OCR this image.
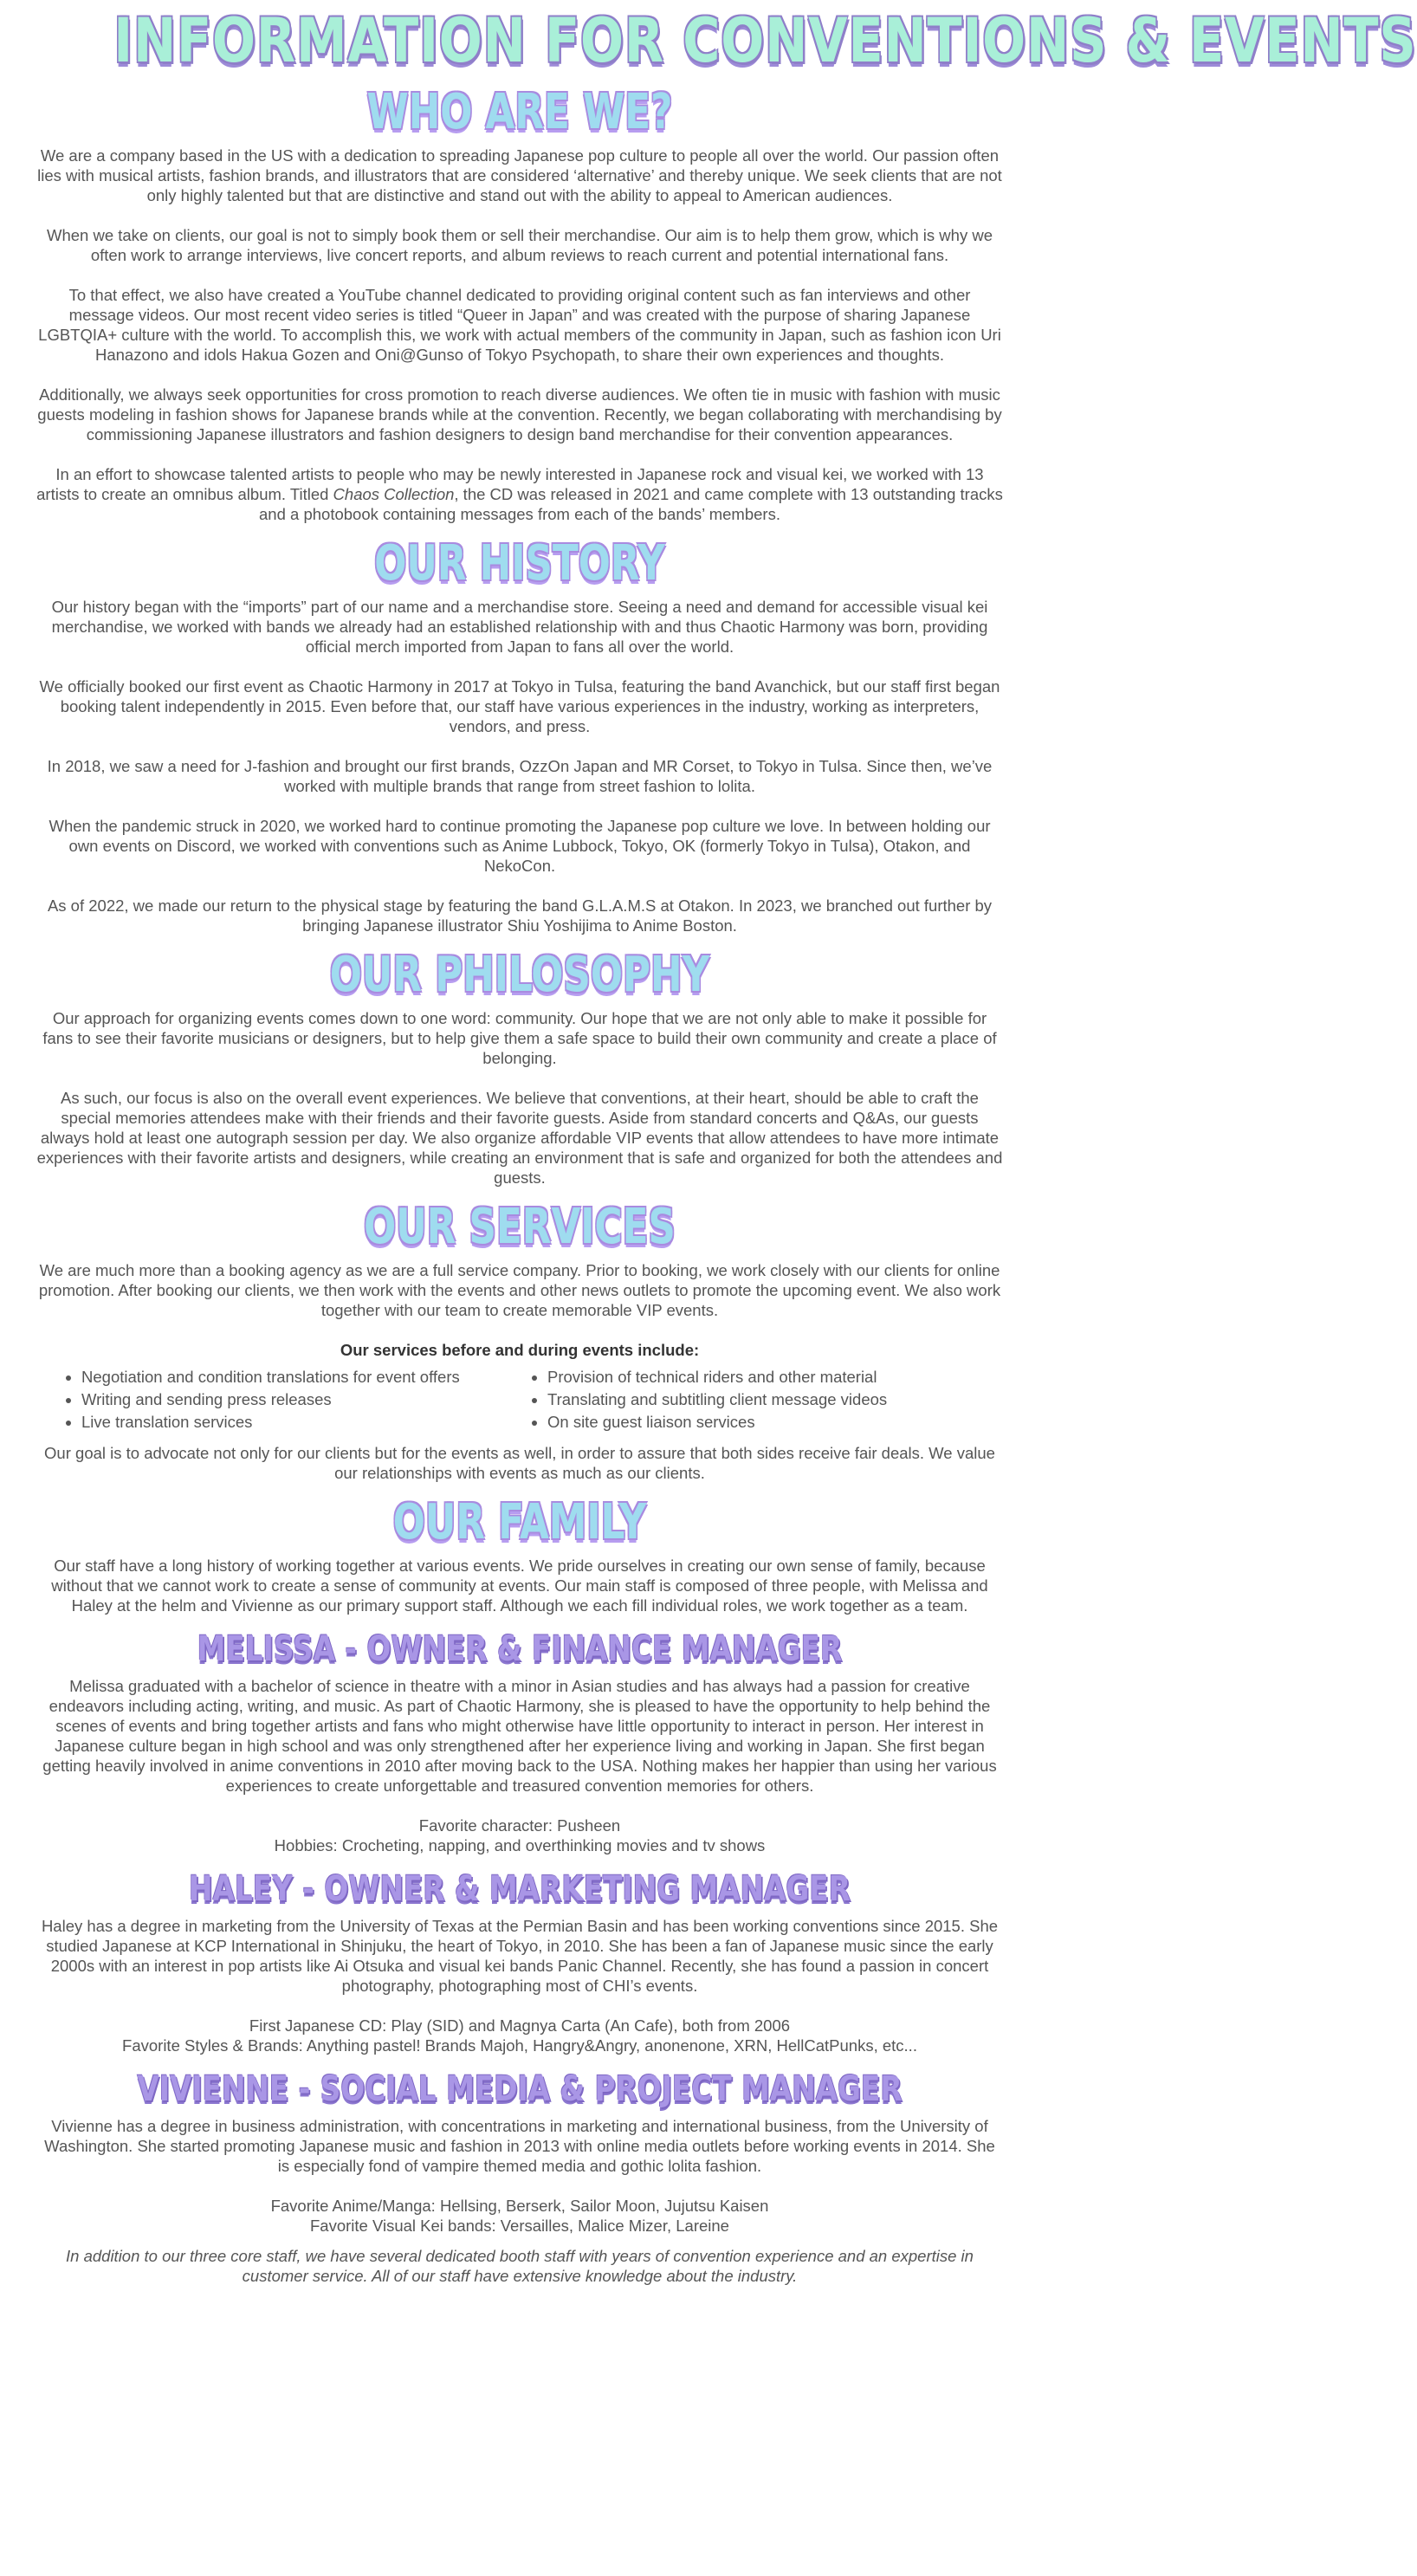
INFORMATION FOR CONVENTIONS & EVENTS
WHO ARE WE?

We are a company based in the US with a dedication to spreading Japanese pop culture to people all over the world. Our passion often lies with musical artists, fashion brands, and illustrators that are considered ‘alternative’ and thereby unique. We seek clients that are not only highly talented but that are distinctive and stand out with the ability to appeal to American audiences.

When we take on clients, our goal is not to simply book them or sell their merchandise. Our aim is to help them grow, which is why we often work to arrange interviews, live concert reports, and album reviews to reach current and potential international fans.

To that effect, we also have created a YouTube channel dedicated to providing original content such as fan interviews and other message videos. Our most recent video series is titled “Queer in Japan” and was created with the purpose of sharing Japanese LGBTQIA+ culture with the world. To accomplish this, we work with actual members of the community in Japan, such as fashion icon Uri Hanazono and idols Hakua Gozen and Oni@Gunso of Tokyo Psychopath, to share their own experiences and thoughts.

Additionally, we always seek opportunities for cross promotion to reach diverse audiences. We often tie in music with fashion with music guests modeling in fashion shows for Japanese brands while at the convention. Recently, we began collaborating with merchandising by commissioning Japanese illustrators and fashion designers to design band merchandise for their convention appearances.

In an effort to showcase talented artists to people who may be newly interested in Japanese rock and visual kei, we worked with 13 artists to create an omnibus album. Titled Chaos Collection, the CD was released in 2021 and came complete with 13 outstanding tracks and a photobook containing messages from each of the bands’ members.

OUR HISTORY

Our history began with the “imports” part of our name and a merchandise store. Seeing a need and demand for accessible visual kei merchandise, we worked with bands we already had an established relationship with and thus Chaotic Harmony was born, providing official merch imported from Japan to fans all over the world.

We officially booked our first event as Chaotic Harmony in 2017 at Tokyo in Tulsa, featuring the band Avanchick, but our staff first began booking talent independently in 2015. Even before that, our staff have various experiences in the industry, working as interpreters, vendors, and press.

In 2018, we saw a need for J-fashion and brought our first brands, OzzOn Japan and MR Corset, to Tokyo in Tulsa. Since then, we’ve worked with multiple brands that range from street fashion to lolita.

When the pandemic struck in 2020, we worked hard to continue promoting the Japanese pop culture we love. In between holding our own events on Discord, we worked with conventions such as Anime Lubbock, Tokyo, OK (formerly Tokyo in Tulsa), Otakon, and NekoCon.

As of 2022, we made our return to the physical stage by featuring the band G.L.A.M.S at Otakon. In 2023, we branched out further by bringing Japanese illustrator Shiu Yoshijima to Anime Boston.

OUR PHILOSOPHY

Our approach for organizing events comes down to one word: community. Our hope that we are not only able to make it possible for fans to see their favorite musicians or designers, but to help give them a safe space to build their own community and create a place of belonging.

As such, our focus is also on the overall event experiences. We believe that conventions, at their heart, should be able to craft the special memories attendees make with their friends and their favorite guests. Aside from standard concerts and Q&As, our guests always hold at least one autograph session per day. We also organize affordable VIP events that allow attendees to have more intimate experiences with their favorite artists and designers, while creating an environment that is safe and organized for both the attendees and guests.

OUR SERVICES

We are much more than a booking agency as we are a full service company. Prior to booking, we work closely with our clients for online promotion. After booking our clients, we then work with the events and other news outlets to promote the upcoming event. We also work together with our team to create memorable VIP events.

Our services before and during events include:
• Negotiation and condition translations for event offers
• Writing and sending press releases
• Live translation services
• Provision of technical riders and other material
• Translating and subtitling client message videos
• On site guest liaison services

Our goal is to advocate not only for our clients but for the events as well, in order to assure that both sides receive fair deals. We value our relationships with events as much as our clients.

OUR FAMILY

Our staff have a long history of working together at various events. We pride ourselves in creating our own sense of family, because without that we cannot work to create a sense of community at events. Our main staff is composed of three people, with Melissa and Haley at the helm and Vivienne as our primary support staff. Although we each fill individual roles, we work together as a team.

MELISSA - OWNER & FINANCE MANAGER

Melissa graduated with a bachelor of science in theatre with a minor in Asian studies and has always had a passion for creative endeavors including acting, writing, and music. As part of Chaotic Harmony, she is pleased to have the opportunity to help behind the scenes of events and bring together artists and fans who might otherwise have little opportunity to interact in person. Her interest in Japanese culture began in high school and was only strengthened after her experience living and working in Japan. She first began getting heavily involved in anime conventions in 2010 after moving back to the USA. Nothing makes her happier than using her various experiences to create unforgettable and treasured convention memories for others.

Favorite character: Pusheen

Hobbies: Crocheting, napping, and overthinking movies and tv shows

HALEY - OWNER & MARKETING MANAGER

Haley has a degree in marketing from the University of Texas at the Permian Basin and has been working conventions since 2015. She studied Japanese at KCP International in Shinjuku, the heart of Tokyo, in 2010. She has been a fan of Japanese music since the early 2000s with an interest in pop artists like Ai Otsuka and visual kei bands Panic Channel. Recently, she has found a passion in concert photography, photographing most of CHI’s events.

First Japanese CD: Play (SID) and Magnya Carta (An Cafe), both from 2006

Favorite Styles & Brands: Anything pastel! Brands Majoh, Hangry&Angry, anonenone, XRN, HellCatPunks, etc...

VIVIENNE - SOCIAL MEDIA & PROJECT MANAGER

Vivienne has a degree in business administration, with concentrations in marketing and international business, from the University of Washington. She started promoting Japanese music and fashion in 2013 with online media outlets before working events in 2014. She is especially fond of vampire themed media and gothic lolita fashion.

Favorite Anime/Manga: Hellsing, Berserk, Sailor Moon, Jujutsu Kaisen

Favorite Visual Kei bands: Versailles, Malice Mizer, Lareine

In addition to our three core staff, we have several dedicated booth staff with years of convention experience and an expertise in customer service. All of our staff have extensive knowledge about the industry.
